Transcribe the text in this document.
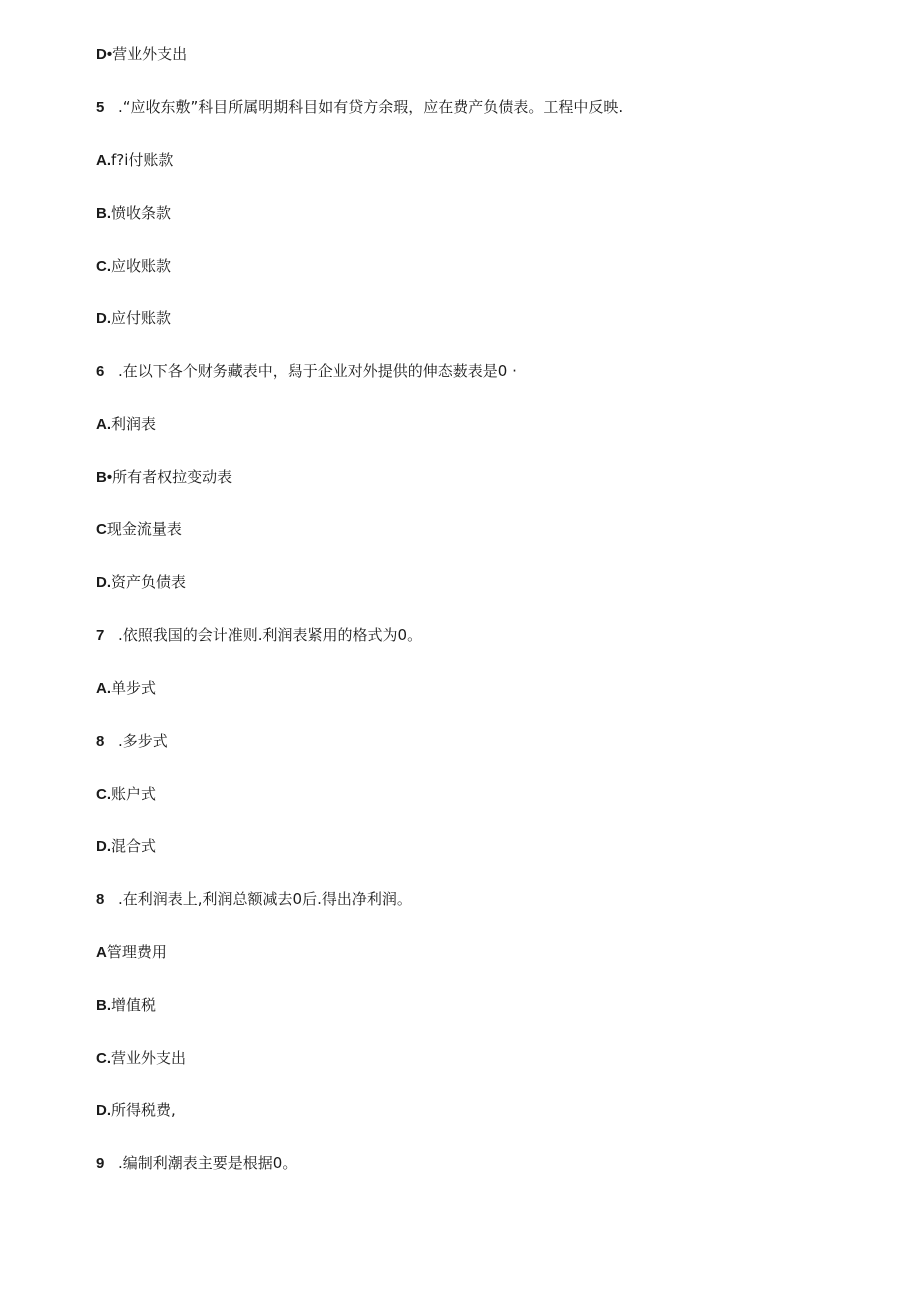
D•营业外支出
5 .“应收东敷”科目所属明期科目如有贷方余瑕，应在费产负债表。工程中反映.
A.f?i付账款
B.愤收条款
C.应收账款
D.应付账款
6 .在以下各个财务藏表中，舄于企业对外提供的伸态薮表是0 ·
A.利润表
B•所有者权拉变动表
C现金流量表
D.资产负债表
7 .依照我国的会计准则.利润表紧用的格式为0。
A.单步式
8 .多步式
C.账户式
D.混合式
8 .在利润表上,利润总额减去0后.得出净利润。
A管理费用
B.增值税
C.营业外支出
D.所得税费,
9 .编制利潮表主要是根据0。
